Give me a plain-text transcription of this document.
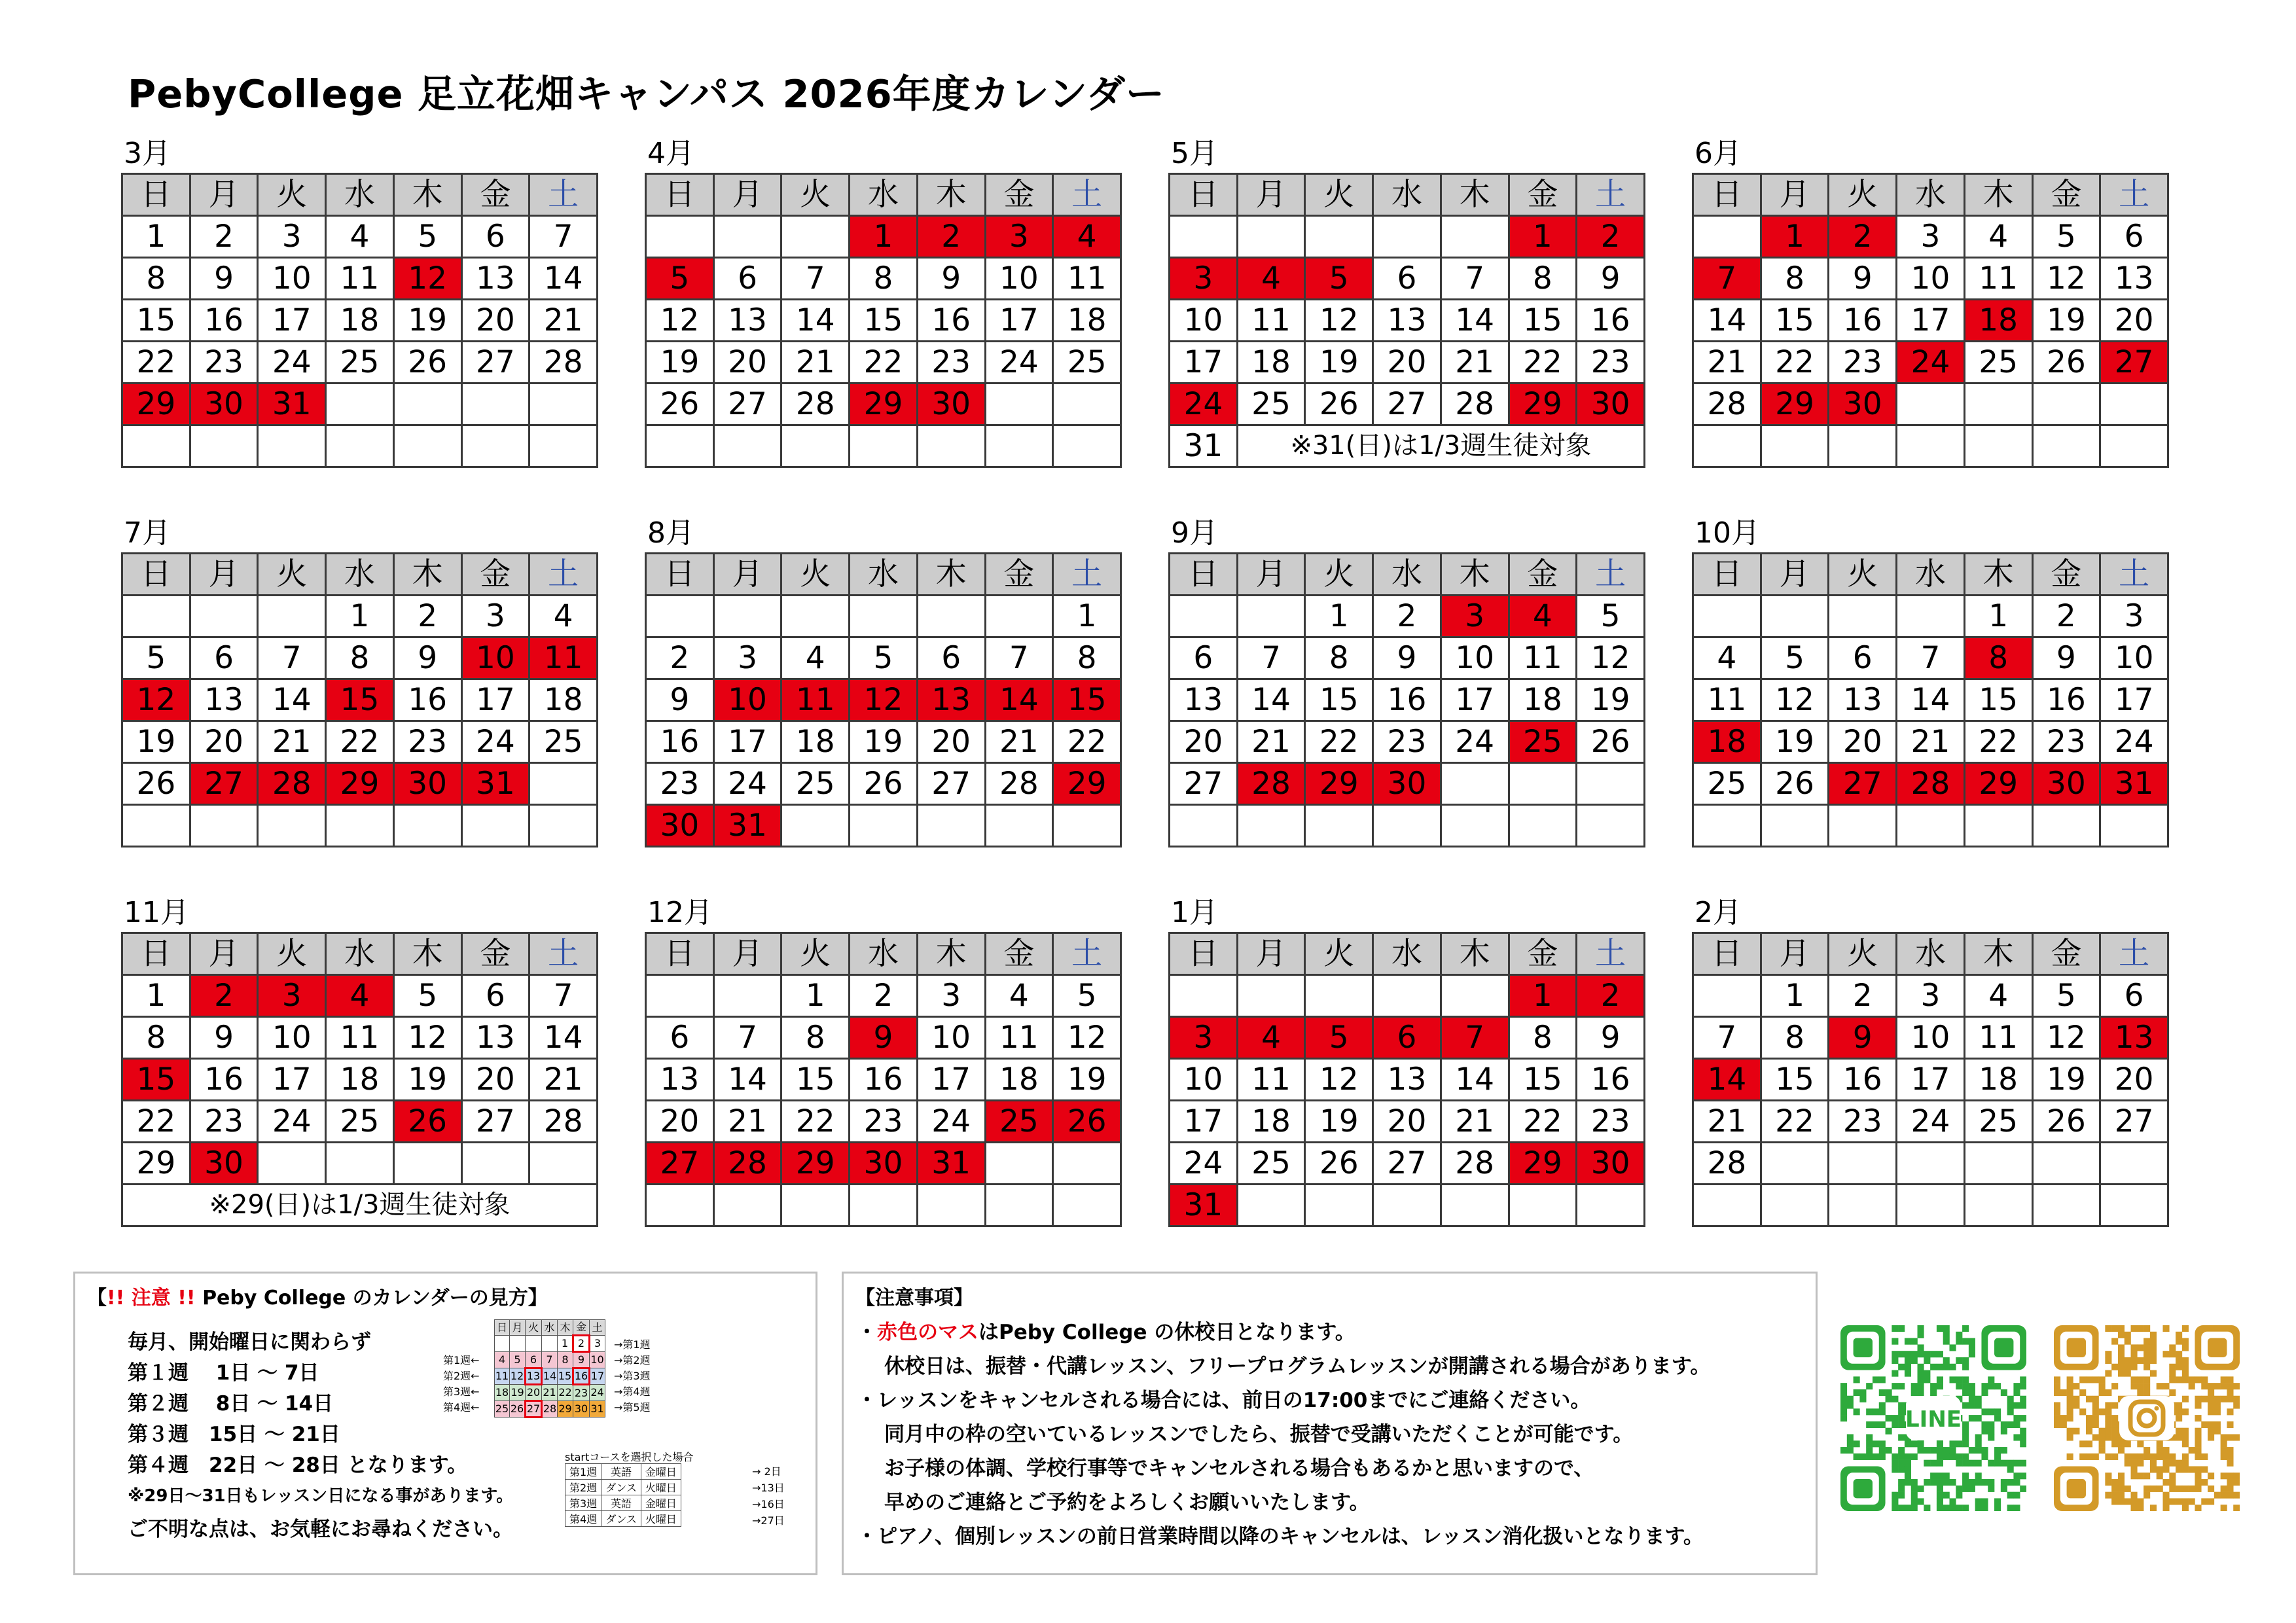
PebyCollege 足立花畑キャンパス 2026年度カレンダー
3月
日	月	火	水	木	金	土
1	2	3	4	5	6	7
8	9	10	11	12	13	14
15	16	17	18	19	20	21
22	23	24	25	26	27	28
29	30	31				

4月
日	月	火	水	木	金	土
			1	2	3	4
5	6	7	8	9	10	11
12	13	14	15	16	17	18
19	20	21	22	23	24	25
26	27	28	29	30		

5月
日	月	火	水	木	金	土
					1	2
3	4	5	6	7	8	9
10	11	12	13	14	15	16
17	18	19	20	21	22	23
24	25	26	27	28	29	30
31	※31(日)は1/3週生徒対象					
6月
日	月	火	水	木	金	土
	1	2	3	4	5	6
7	8	9	10	11	12	13
14	15	16	17	18	19	20
21	22	23	24	25	26	27
28	29	30				

7月
日	月	火	水	木	金	土
			1	2	3	4
5	6	7	8	9	10	11
12	13	14	15	16	17	18
19	20	21	22	23	24	25
26	27	28	29	30	31	

8月
日	月	火	水	木	金	土
						1
2	3	4	5	6	7	8
9	10	11	12	13	14	15
16	17	18	19	20	21	22
23	24	25	26	27	28	29
30	31					
9月
日	月	火	水	木	金	土
		1	2	3	4	5
6	7	8	9	10	11	12
13	14	15	16	17	18	19
20	21	22	23	24	25	26
27	28	29	30			

10月
日	月	火	水	木	金	土
				1	2	3
4	5	6	7	8	9	10
11	12	13	14	15	16	17
18	19	20	21	22	23	24
25	26	27	28	29	30	31

11月
日	月	火	水	木	金	土
1	2	3	4	5	6	7
8	9	10	11	12	13	14
15	16	17	18	19	20	21
22	23	24	25	26	27	28
29	30					
※29(日)は1/3週生徒対象						
12月
日	月	火	水	木	金	土
		1	2	3	4	5
6	7	8	9	10	11	12
13	14	15	16	17	18	19
20	21	22	23	24	25	26
27	28	29	30	31		

1月
日	月	火	水	木	金	土
					1	2
3	4	5	6	7	8	9
10	11	12	13	14	15	16
17	18	19	20	21	22	23
24	25	26	27	28	29	30
31						
2月
日	月	火	水	木	金	土
	1	2	3	4	5	6
7	8	9	10	11	12	13
14	15	16	17	18	19	20
21	22	23	24	25	26	27
28						

【!! 注意 !! Peby College のカレンダーの見方】
毎月、開始曜日に関わらず
第１週　 1日 ～ 7日
第２週　 8日 ～ 14日
第３週　15日 ～ 21日
第４週　22日 ～ 28日 となります。
※29日～31日もレッスン日になる事があります。
ご不明な点は、お気軽にお尋ねください。
日	月	火	水	木	金	土
				1	2	3
4	5	6	7	8	9	10
11	12	13	14	15	16	17
18	19	20	21	22	23	24
25	26	27	28	29	30	31
第1週←
第2週←
第3週←
第4週←
→第1週
→第2週
→第3週
→第4週
→第5週
startコースを選択した場合
第1週	英語	金曜日
第2週	ダンス	火曜日
第3週	英語	金曜日
第4週	ダンス	火曜日
→ 2日
→13日
→16日
→27日
【注意事項】
・赤色のマスはPeby College の休校日となります。
休校日は、振替・代講レッスン、フリープログラムレッスンが開講される場合があります。
・レッスンをキャンセルされる場合には、前日の17:00までにご連絡ください。
同月中の枠の空いているレッスンでしたら、振替で受講いただくことが可能です。
お子様の体調、学校行事等でキャンセルされる場合もあるかと思いますので、
早めのご連絡とご予約をよろしくお願いいたします。
・ピアノ、個別レッスンの前日営業時間以降のキャンセルは、レッスン消化扱いとなります。
LINE
